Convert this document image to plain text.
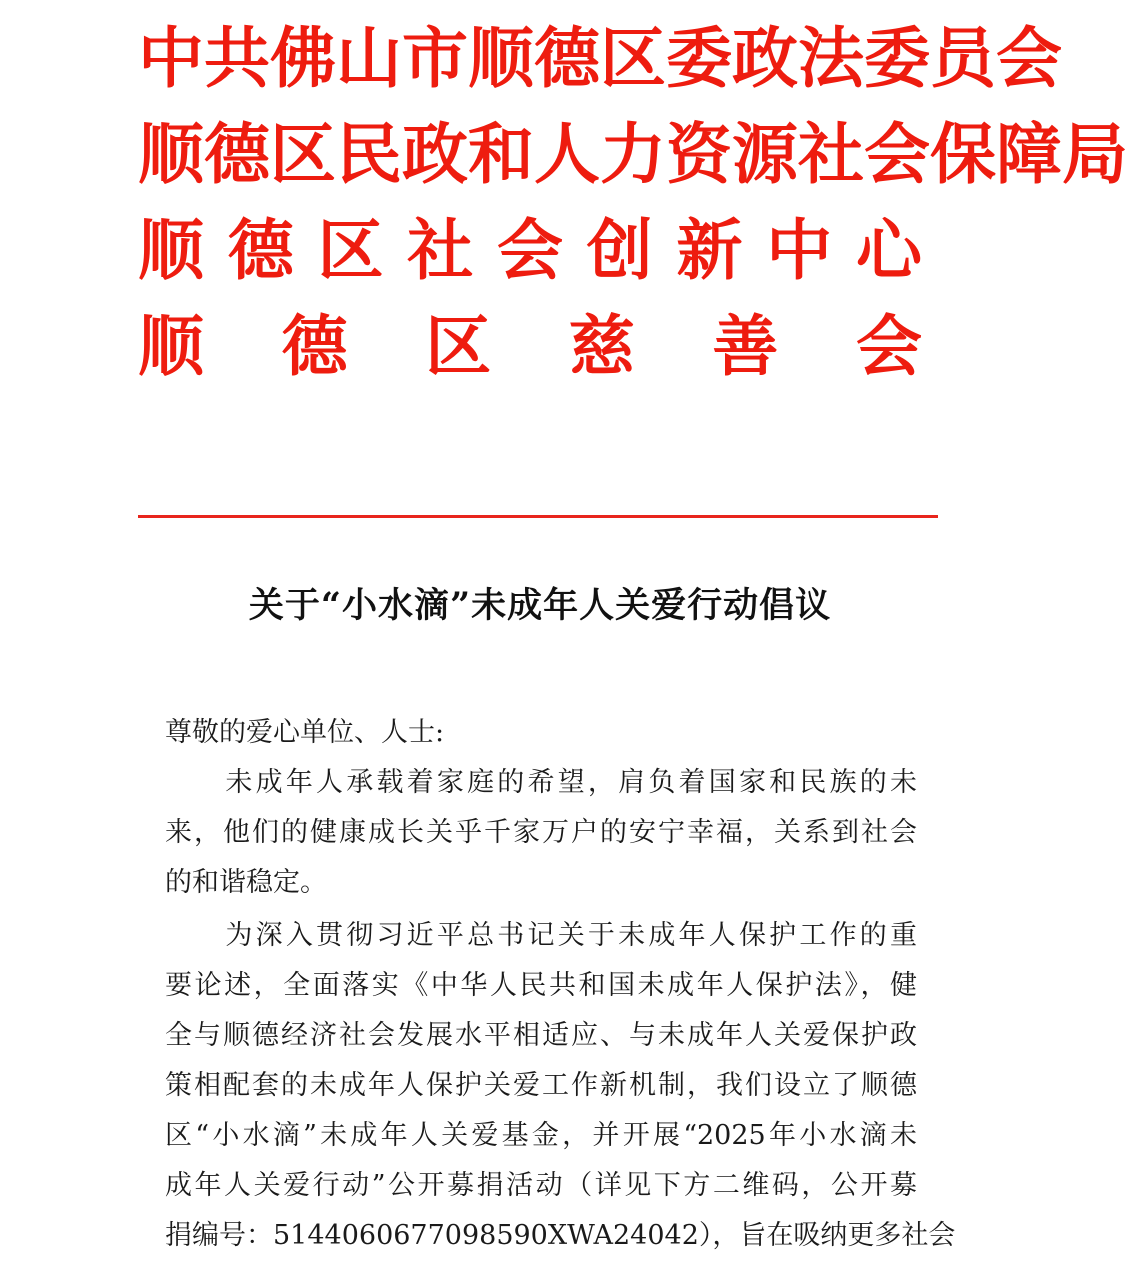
中 共 佛 山 市 顺 德 区 委 政 法 委 员 会
顺 德 区 民 政 和 人 力 资 源 社 会 保 障 局
顺 德 区 社 会 创 新 中 心
顺 德 区 慈 善 会
关于“小水滴”未成年人关爱行动倡议
尊敬的爱心单位、人士:
　　未成年人承载着家庭的希望，肩负着国家和民族的未
来，他们的健康成长关乎千家万户的安宁幸福，关系到社会
的和谐稳定。
　　为深入贯彻习近平总书记关于未成年人保护工作的重
要论述，全面落实《中华人民共和国未成年人保护法》，健
全与顺德经济社会发展水平相适应、与未成年人关爱保护政
策相配套的未成年人保护关爱工作新机制，我们设立了顺德
区“小水滴”未成年人关爱基金，并开展“2025年小水滴未
成年人关爱行动”公开募捐活动（详见下方二维码，公开募
捐编号：5144060677098590XWA24042），旨在吸纳更多社会
